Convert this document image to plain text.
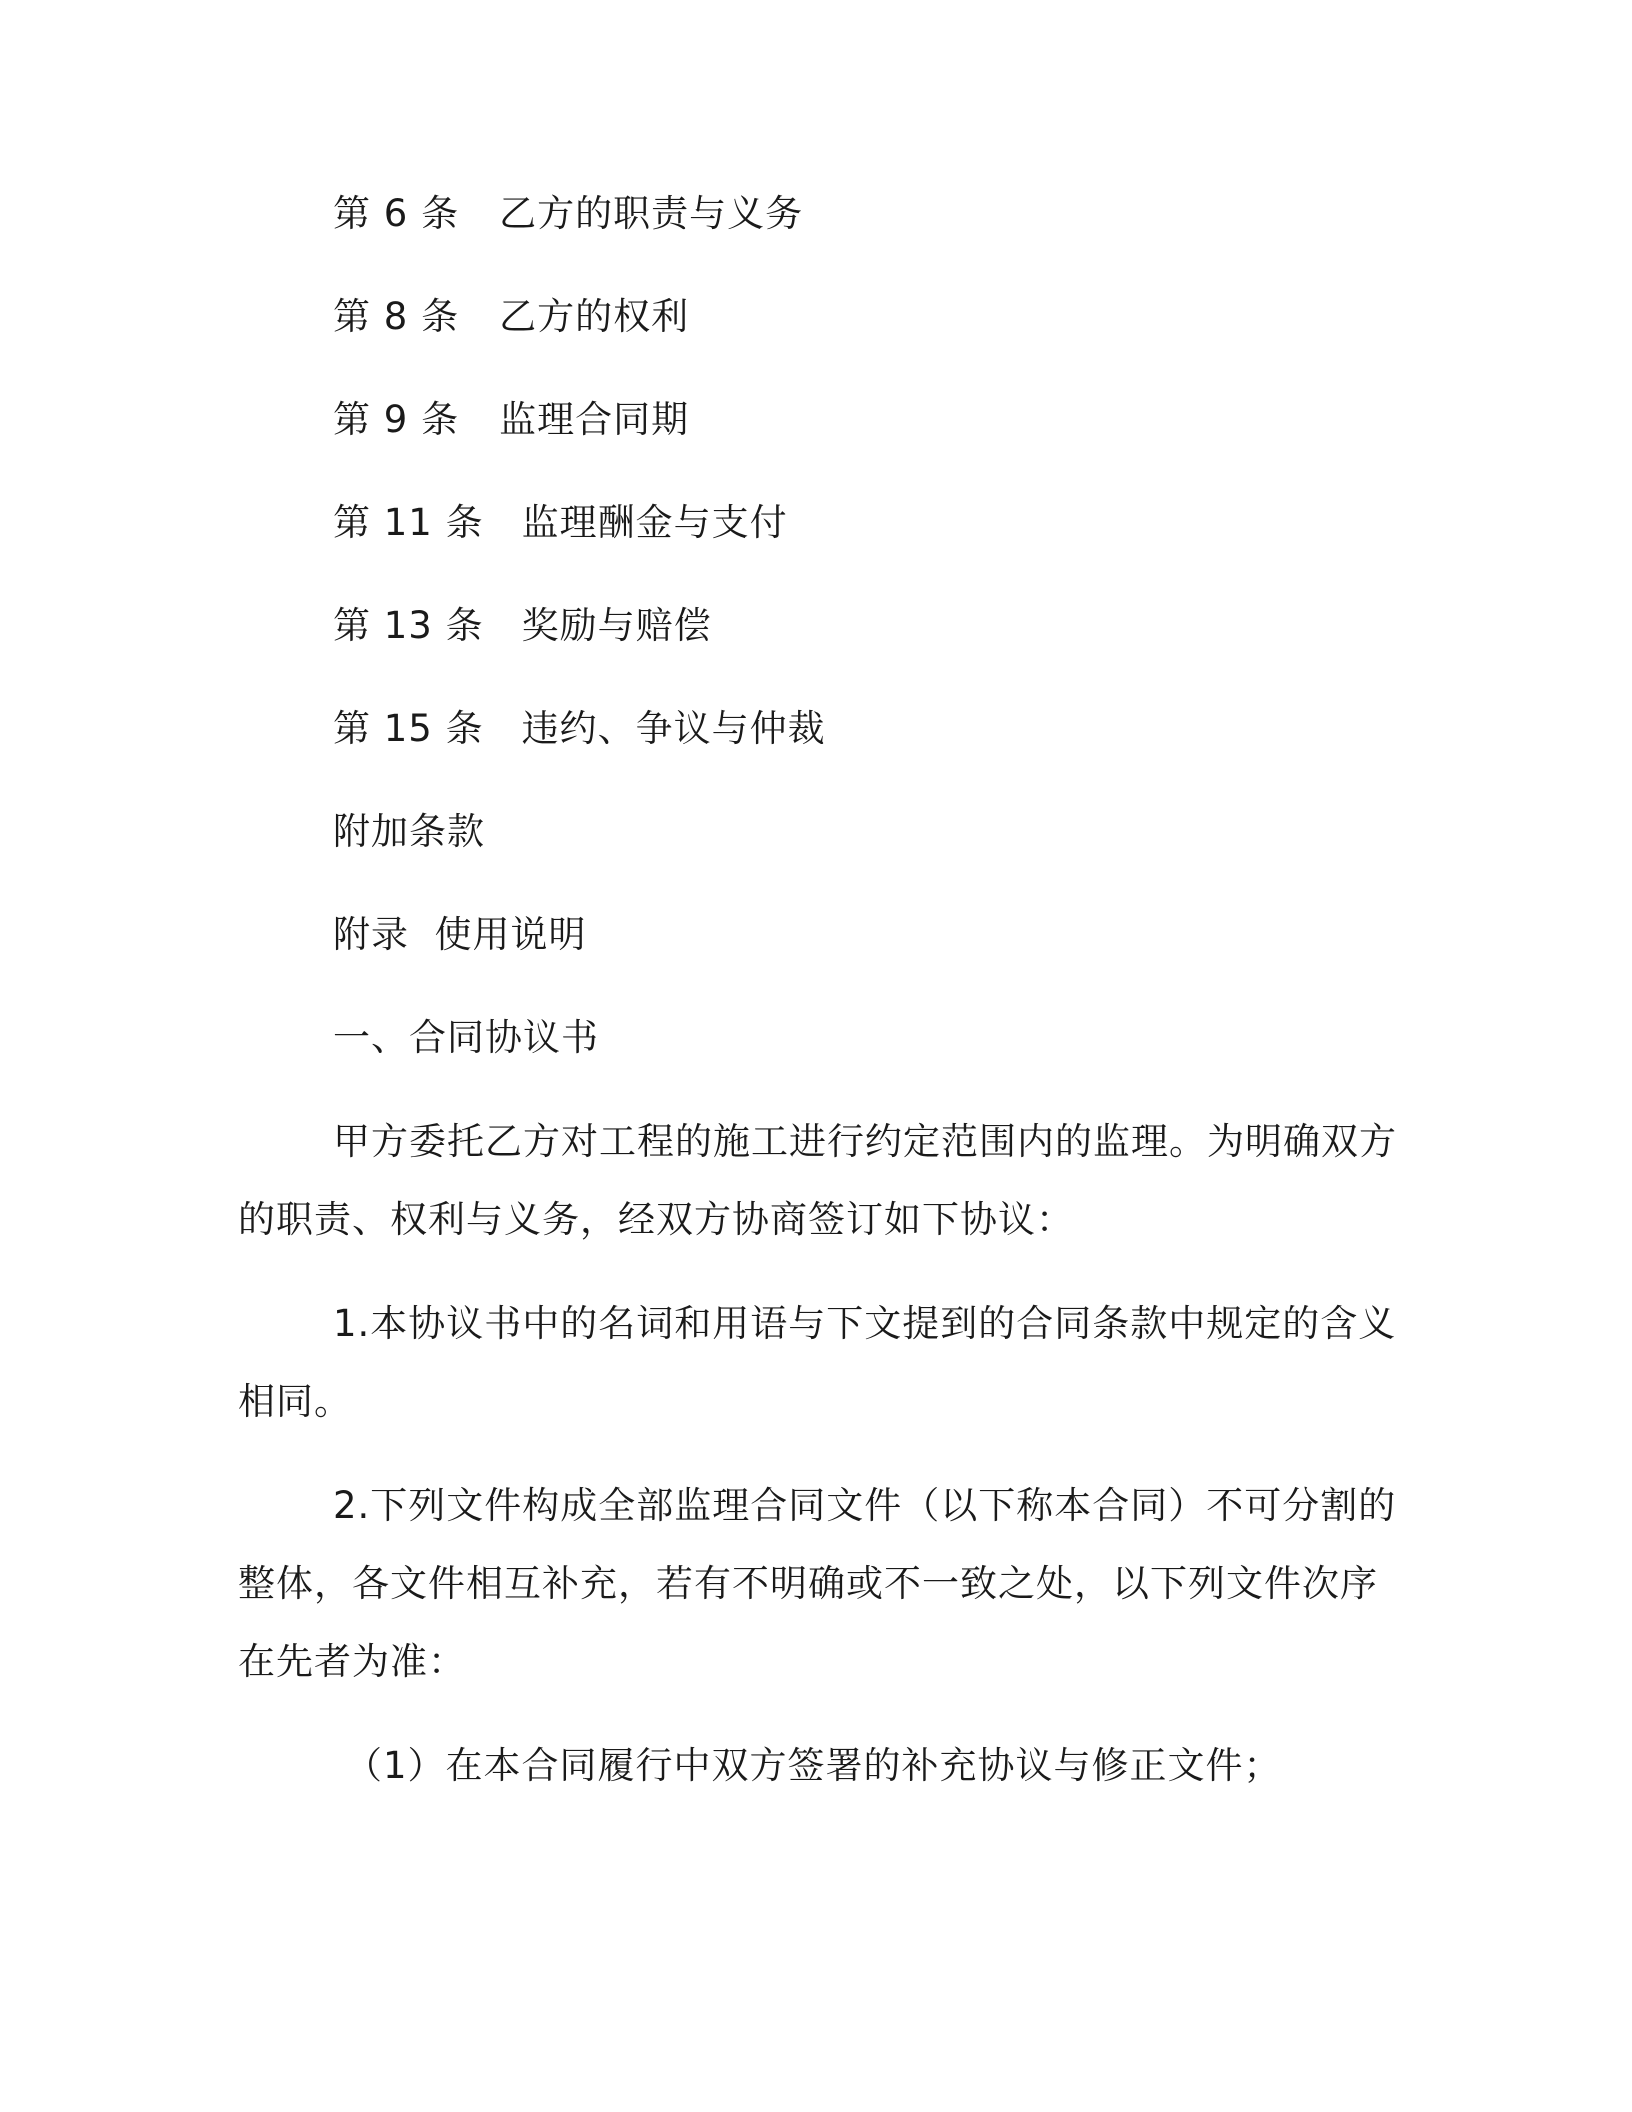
第 6 条 乙方的职责与义务
第 8 条 乙方的权利
第 9 条 监理合同期
第 11 条 监理酬金与支付
第 13 条 奖励与赔偿
第 15 条 违约、争议与仲裁
附加条款
附录  使用说明
一、合同协议书
甲方委托乙方对工程的施工进行约定范围内的监理。为明确双方
的职责、权利与义务，经双方协商签订如下协议：
1.本协议书中的名词和用语与下文提到的合同条款中规定的含义
相同。
2.下列文件构成全部监理合同文件（以下称本合同）不可分割的
整体，各文件相互补充，若有不明确或不一致之处，以下列文件次序
在先者为准：
（1）在本合同履行中双方签署的补充协议与修正文件；
